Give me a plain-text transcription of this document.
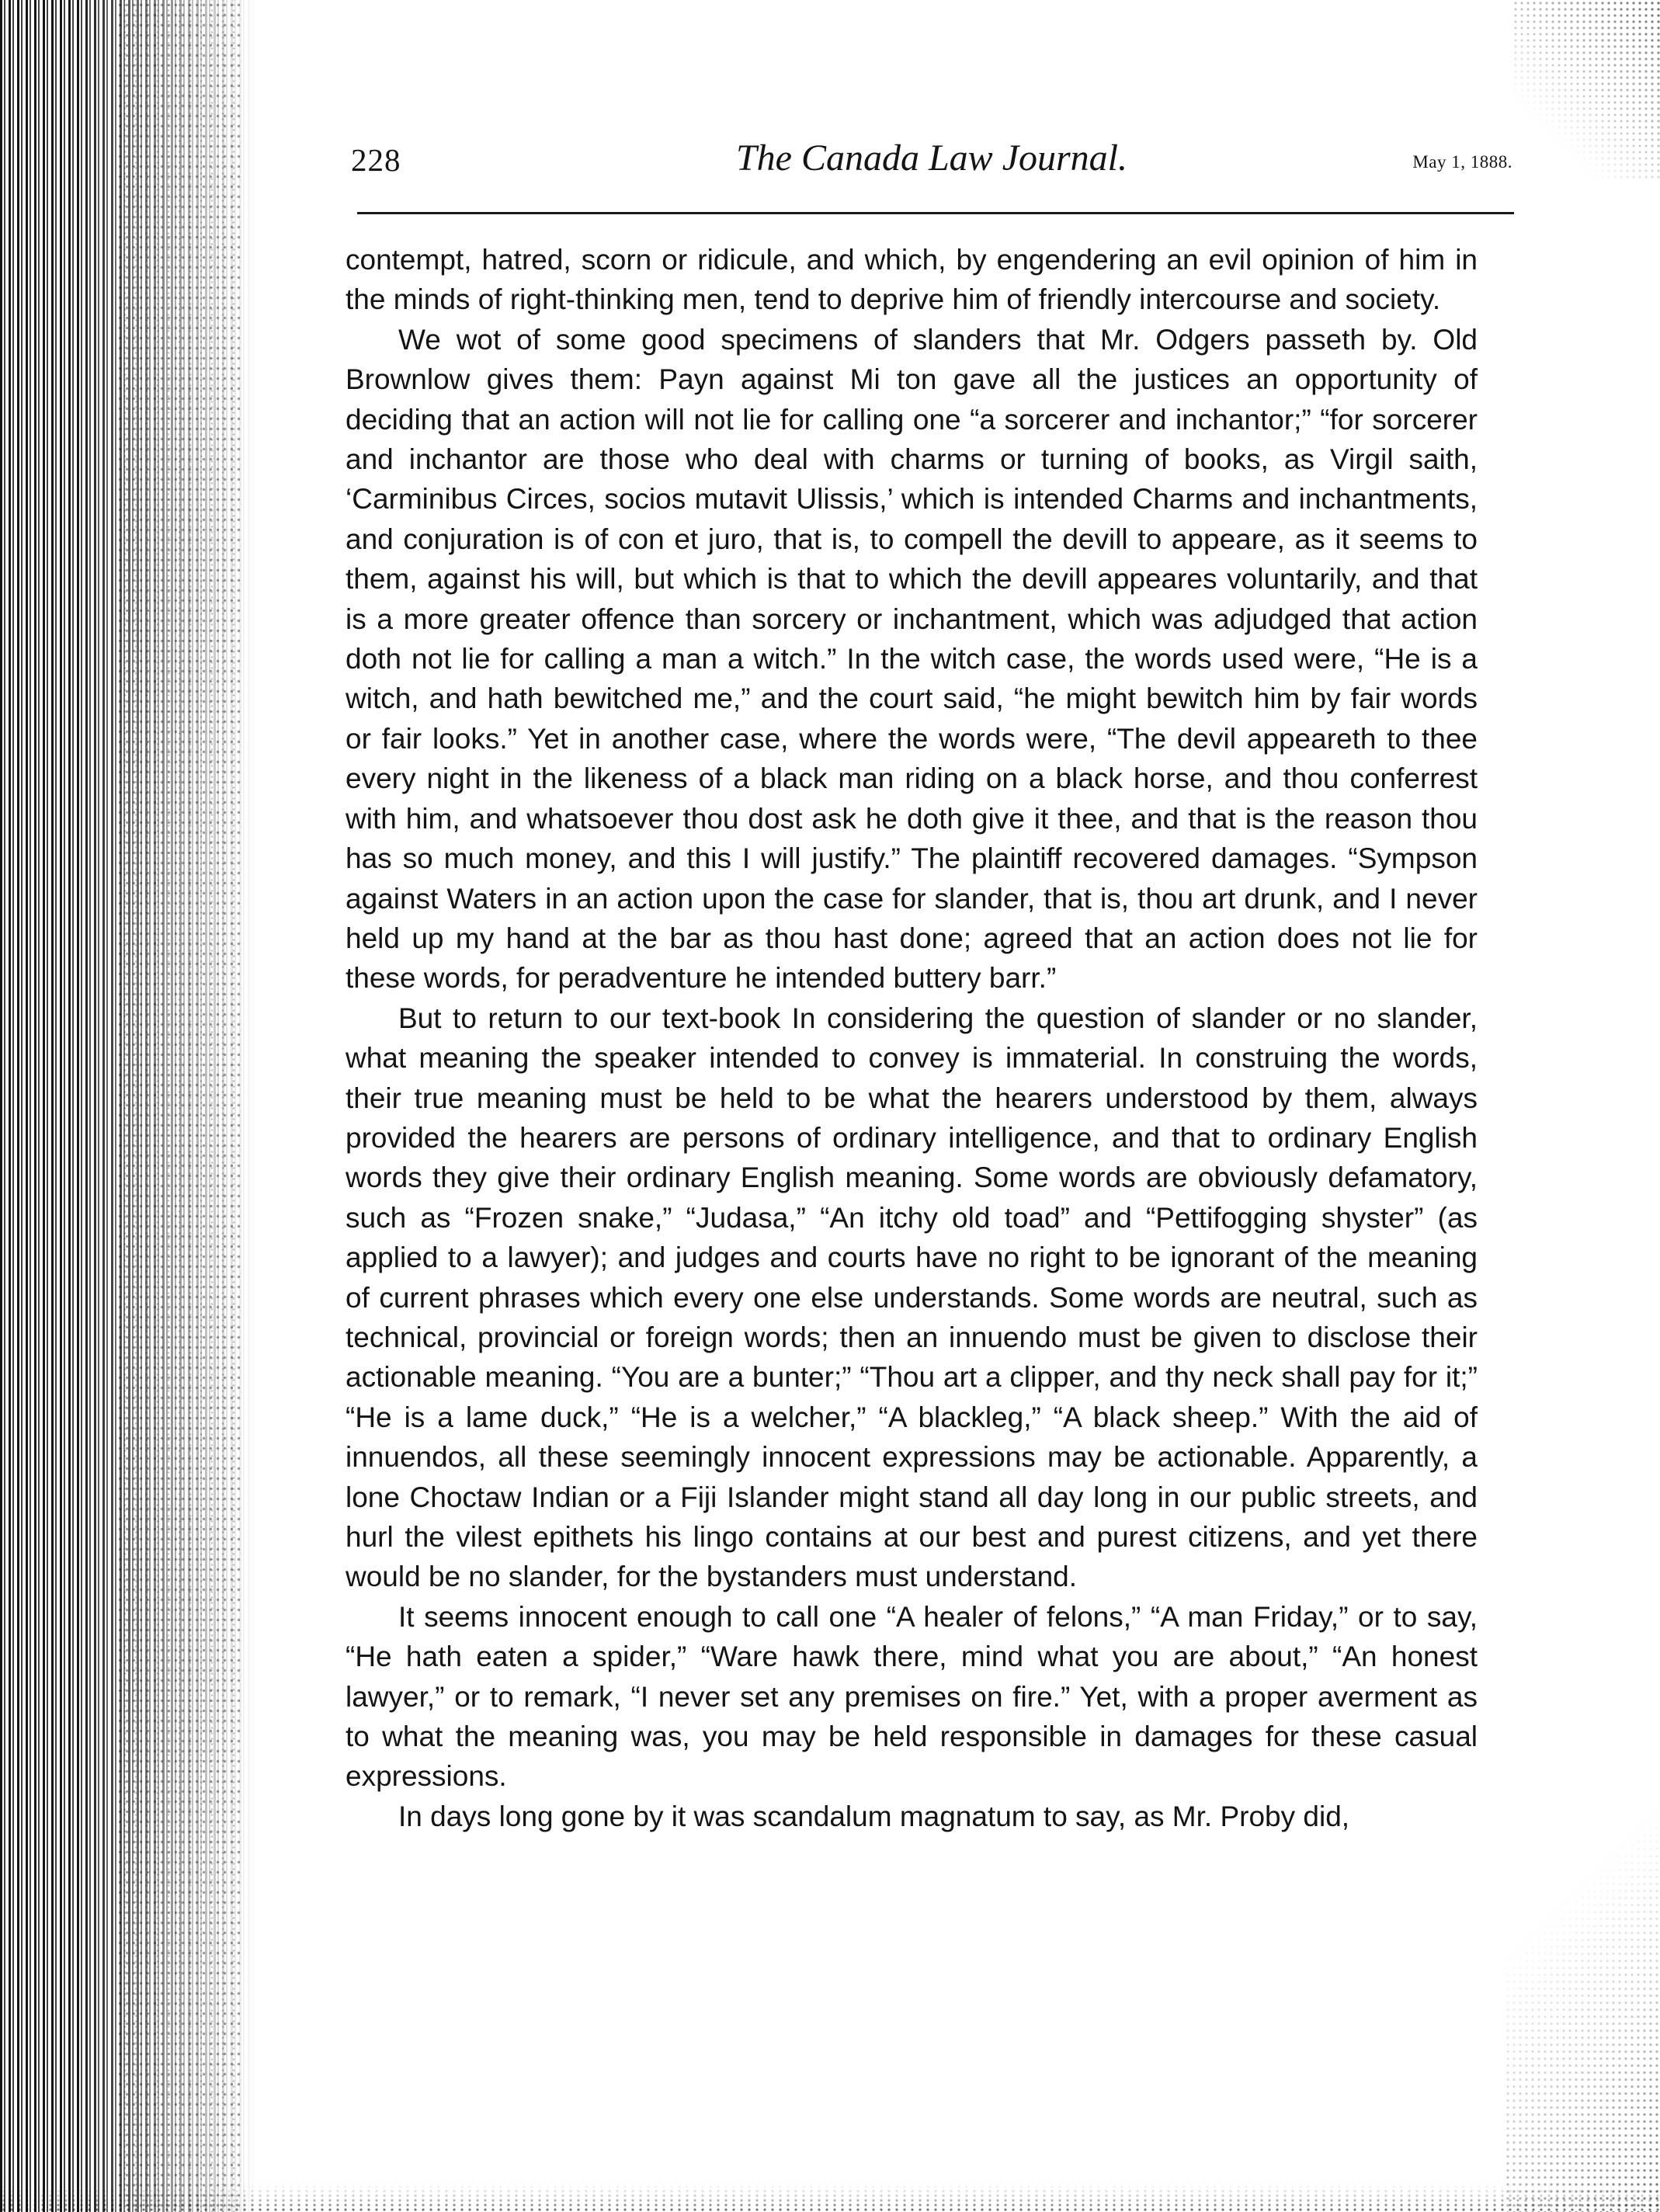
228	The Canada Law Journal.	May 1, 1888.

contempt, hatred, scorn or ridicule, and which, by engendering an evil opinion of him in the minds of right-thinking men, tend to deprive him of friendly intercourse and society.

We wot of some good specimens of slanders that Mr. Odgers passeth by. Old Brownlow gives them: Payn against Mi ton gave all the justices an opportunity of deciding that an action will not lie for calling one “a sorcerer and inchantor;” “for sorcerer and inchantor are those who deal with charms or turning of books, as Virgil saith, ‘Carminibus Circes, socios mutavit Ulissis,’ which is intended Charms and inchantments, and conjuration is of con et juro, that is, to compell the devill to appeare, as it seems to them, against his will, but which is that to which the devill appeares voluntarily, and that is a more greater offence than sorcery or inchantment, which was adjudged that action doth not lie for calling a man a witch.” In the witch case, the words used were, “He is a witch, and hath bewitched me,” and the court said, “he might bewitch him by fair words or fair looks.” Yet in another case, where the words were, “The devil appeareth to thee every night in the likeness of a black man riding on a black horse, and thou conferrest with him, and whatsoever thou dost ask he doth give it thee, and that is the reason thou has so much money, and this I will justify.” The plaintiff recovered damages. “Sympson against Waters in an action upon the case for slander, that is, thou art drunk, and I never held up my hand at the bar as thou hast done; agreed that an action does not lie for these words, for peradventure he intended buttery barr.”

But to return to our text-book In considering the question of slander or no slander, what meaning the speaker intended to convey is immaterial. In construing the words, their true meaning must be held to be what the hearers understood by them, always provided the hearers are persons of ordinary intelligence, and that to ordinary English words they give their ordinary English meaning. Some words are obviously defamatory, such as “Frozen snake,” “Judasa,” “An itchy old toad” and “Pettifogging shyster” (as applied to a lawyer); and judges and courts have no right to be ignorant of the meaning of current phrases which every one else understands. Some words are neutral, such as technical, provincial or foreign words; then an innuendo must be given to disclose their actionable meaning. “You are a bunter;” “Thou art a clipper, and thy neck shall pay for it;” “He is a lame duck,” “He is a welcher,” “A blackleg,” “A black sheep.” With the aid of innuendos, all these seemingly innocent expressions may be actionable. Apparently, a lone Choctaw Indian or a Fiji Islander might stand all day long in our public streets, and hurl the vilest epithets his lingo contains at our best and purest citizens, and yet there would be no slander, for the bystanders must understand.

It seems innocent enough to call one “A healer of felons,” “A man Friday,” or to say, “He hath eaten a spider,” “Ware hawk there, mind what you are about,” “An honest lawyer,” or to remark, “I never set any premises on fire.” Yet, with a proper averment as to what the meaning was, you may be held responsible in damages for these casual expressions.

In days long gone by it was scandalum magnatum to say, as Mr. Proby did,
